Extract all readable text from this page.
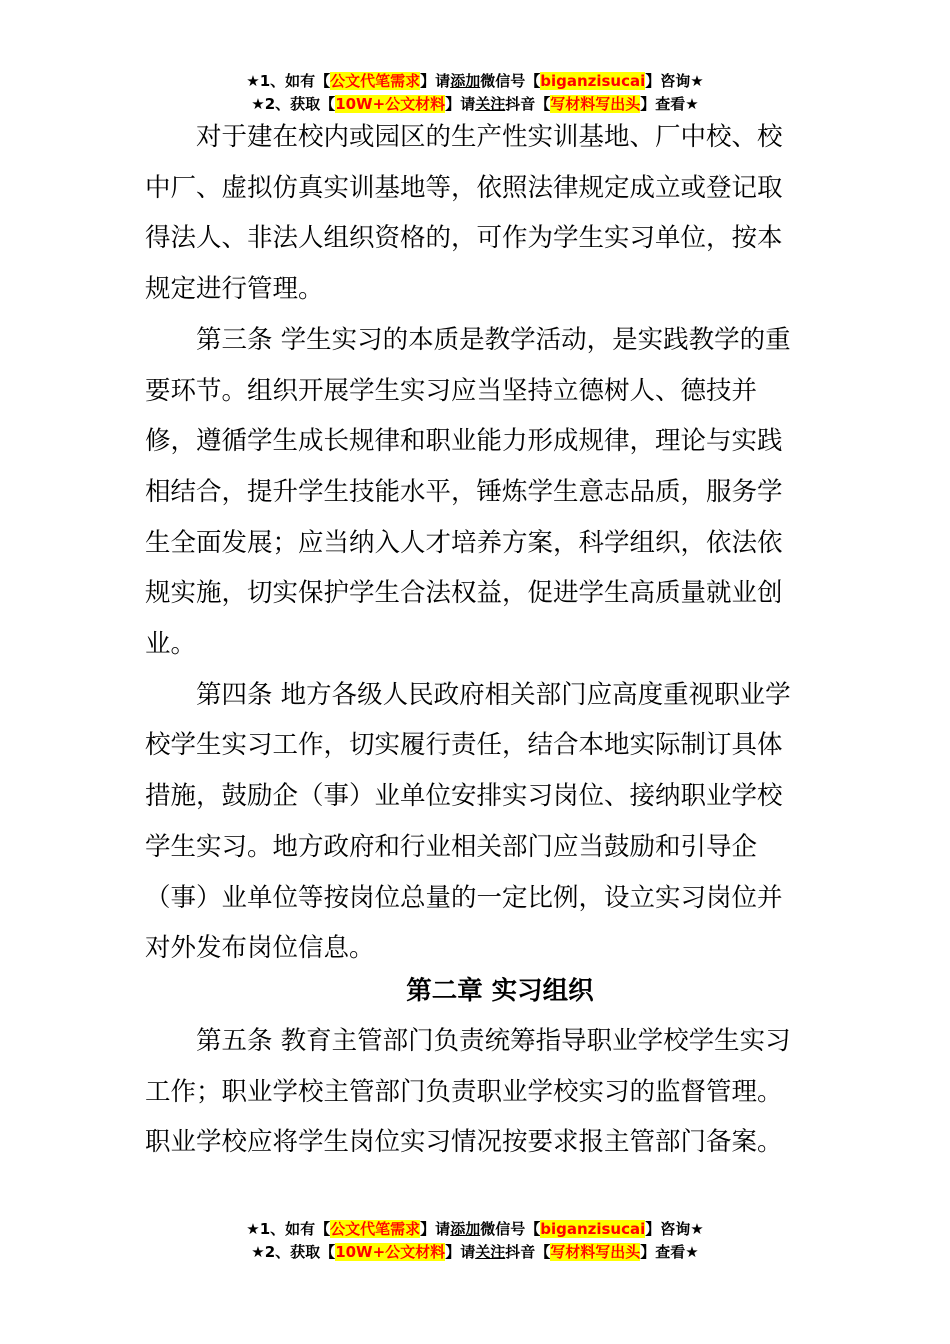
★1、如有【公文代笔需求】请添加微信号【biganzisucai】咨询★
★2、获取【10W+公文材料】请关注抖音【写材料写出头】查看★

对于建在校内或园区的生产性实训基地、厂中校、校中厂、虚拟仿真实训基地等，依照法律规定成立或登记取得法人、非法人组织资格的，可作为学生实习单位，按本规定进行管理。

第三条 学生实习的本质是教学活动，是实践教学的重要环节。组织开展学生实习应当坚持立德树人、德技并修，遵循学生成长规律和职业能力形成规律，理论与实践相结合，提升学生技能水平，锤炼学生意志品质，服务学生全面发展；应当纳入人才培养方案，科学组织，依法依规实施，切实保护学生合法权益，促进学生高质量就业创业。

第四条 地方各级人民政府相关部门应高度重视职业学校学生实习工作，切实履行责任，结合本地实际制订具体措施，鼓励企（事）业单位安排实习岗位、接纳职业学校学生实习。地方政府和行业相关部门应当鼓励和引导企（事）业单位等按岗位总量的一定比例，设立实习岗位并对外发布岗位信息。

第二章 实习组织

第五条 教育主管部门负责统筹指导职业学校学生实习工作；职业学校主管部门负责职业学校实习的监督管理。职业学校应将学生岗位实习情况按要求报主管部门备案。

★1、如有【公文代笔需求】请添加微信号【biganzisucai】咨询★
★2、获取【10W+公文材料】请关注抖音【写材料写出头】查看★
